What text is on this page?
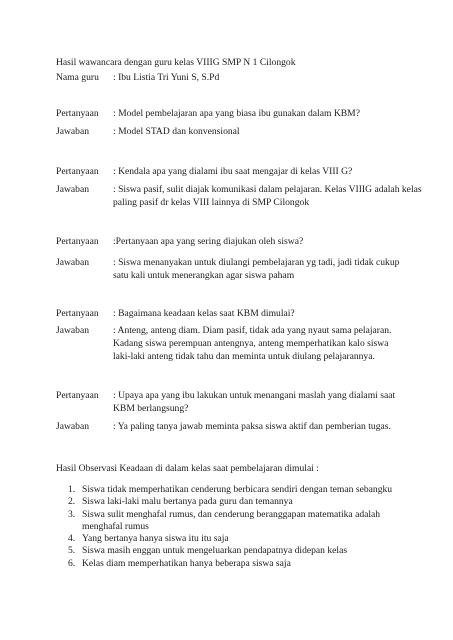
Hasil wawancara dengan guru kelas VIIIG SMP N 1 Cilongok
Nama guru : Ibu Listia Tri Yuni S, S.Pd
Pertanyaan : Model pembelajaran apa yang biasa ibu gunakan dalam KBM?
Jawaban : Model STAD dan konvensional
Pertanyaan : Kendala apa yang dialami ibu saat mengajar di kelas VIII G?
Jawaban : Siswa pasif, sulit diajak komunikasi dalam pelajaran. Kelas VIIIG adalah kelas paling pasif dr kelas VIII lainnya di SMP Cilongok
Pertanyaan :Pertanyaan apa yang sering diajukan oleh siswa?
Jawaban : Siswa menanyakan untuk diulangi pembelajaran yg tadi, jadi tidak cukup satu kali untuk menerangkan agar siswa paham
Pertanyaan : Bagaimana keadaan kelas saat KBM dimulai?
Jawaban : Anteng, anteng diam. Diam pasif, tidak ada yang nyaut sama pelajaran. Kadang siswa perempuan antengnya, anteng memperhatikan kalo siswa laki-laki anteng tidak tahu dan meminta untuk diulang pelajarannya.
Pertanyaan : Upaya apa yang ibu lakukan untuk menangani maslah yang dialami saat KBM berlangsung?
Jawaban : Ya paling tanya jawab meminta paksa siswa aktif dan pemberian tugas.
Hasil Observasi Keadaan di dalam kelas saat pembelajaran dimulai :
1. Siswa tidak memperhatikan cenderung berbicara sendiri dengan teman sebangku
2. Siswa laki-laki malu bertanya pada guru dan temannya
3. Siswa sulit menghafal rumus, dan cenderung beranggapan matematika adalah menghafal rumus
4. Yang bertanya hanya siswa itu itu saja
5. Siswa masih enggan untuk mengeluarkan pendapatnya didepan kelas
6. Kelas diam memperhatikan hanya beberapa siswa saja
